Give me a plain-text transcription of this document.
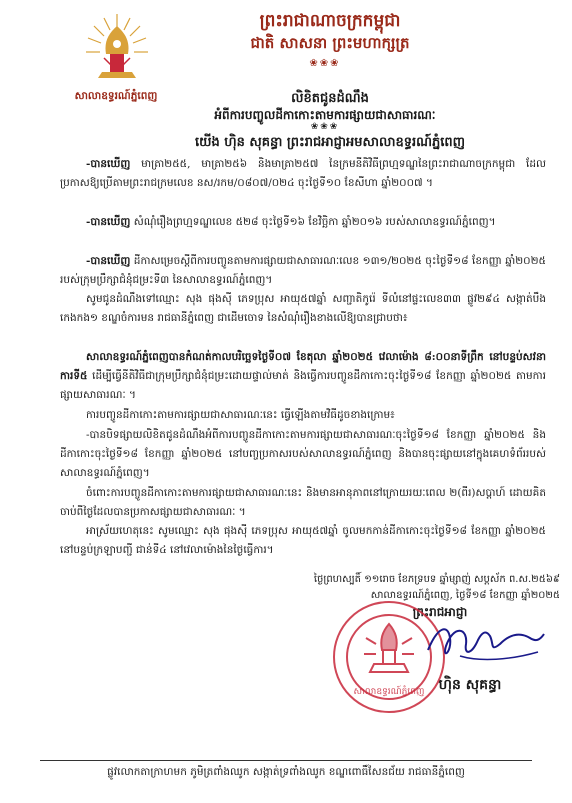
ព្រះរាជាណាចក្រកម្ពុជា
ជាតិ សាសនា ព្រះមហាក្សត្រ
❀❀❀
សាលាឧទ្ធរណ៍ភ្នំពេញ	លិខិតជូនដំណឹង
អំពីការបញ្ចូលដីកាកោះតាមការផ្សាយជាសាធារណៈ
❀❀❀
យើង ហ៊ិន សុគន្ធា ព្រះរាជអាជ្ញាអមសាលាឧទ្ធរណ៍ភ្នំពេញ
-បានឃើញ មាត្រា២៥៥, មាត្រា២៥៦ និងមាត្រា២៥៧ នៃក្រមនីតិវិធីព្រហ្មទណ្ឌនៃព្រះរាជាណាចក្រកម្ពុជា ដែលប្រកាសឱ្យប្រើតាមព្រះរាជក្រមលេខ នស/រកម/០៨០៧/០២៤ ចុះថ្ងៃទី១០ ខែសីហា ឆ្នាំ២០០៧ ។
-បានឃើញ សំណុំរឿងព្រហ្មទណ្ឌលេខ ៥២៨ ចុះថ្ងៃទី១៦ ខែវិច្ឆិកា ឆ្នាំ២០១៦ របស់សាលាឧទ្ធរណ៍ភ្នំពេញ។
-បានឃើញ ដីកាសម្រេចស្តីពីការបញ្ចូនតាមការផ្សាយជាសាធារណៈលេខ ១៣១/២០២៥ ចុះថ្ងៃទី១៨ ខែកញ្ញា ឆ្នាំ២០២៥ របស់ក្រុមប្រឹក្សាជំនុំជម្រះទី៣ នៃសាលាឧទ្ធរណ៍ភ្នំពេញ។
សូមជូនដំណឹងទៅឈ្មោះ សុង ផុងស៊ី ភេទប្រុស អាយុ៥៧ឆ្នាំ សញ្ជាតិកូរ៉េ ទីលំនៅផ្ទះលេខ៣៣ ផ្លូវ២៩៤ សង្កាត់បឹងកេងកង១ ខណ្ឌចំការមន រាជធានីភ្នំពេញ ជាដើមចោទ នៃសំណុំរឿងខាងលើឱ្យបានជ្រាបថា៖
សាលាឧទ្ធរណ៍ភ្នំពេញបានកំណត់កាលបរិច្ឆេទថ្ងៃទី០៧ ខែតុលា ឆ្នាំ២០២៥ វេលាម៉ោង ៨:០០នាទីព្រឹក នៅបន្ទប់សវនាការទី៥ ដើម្បីធ្វើនីតិវិធីជាក្រុមប្រឹក្សាជំនុំជម្រះដោយផ្ទាល់មាត់ និងធ្វើការបញ្ចូនដីកាកោះចុះថ្ងៃទី១៨ ខែកញ្ញា ឆ្នាំ២០២៥ តាមការផ្សាយសាធារណៈ ។
ការបញ្ចូនដីកាកោះតាមការផ្សាយជាសាធារណៈនេះ ធ្វើឡើងតាមវិធីដូចខាងក្រោម៖
-បានបិទផ្សាយលិខិតជូនដំណឹងអំពីការបញ្ចូនដីកាកោះតាមការផ្សាយជាសាធារណៈចុះថ្ងៃទី១៨ ខែកញ្ញា ឆ្នាំ២០២៥ និងដីកាកោះចុះថ្ងៃទី១៨ ខែកញ្ញា ឆ្នាំ២០២៥ នៅបញ្ចប្រកាសរបស់សាលាឧទ្ធរណ៍ភ្នំពេញ និងបានចុះផ្សាយនៅក្នុងគេហទំព័ររបស់សាលាឧទ្ធរណ៍ភ្នំពេញ។
ចំពោះការបញ្ចូនដីកាកោះតាមការផ្សាយជាសាធារណៈនេះ និងមានអានុភាពនៅក្រោយរយៈពេល ២(ពីរ)សប្តាហ៍ ដោយគិតចាប់ពីថ្ងៃដែលបានប្រកាសផ្សាយជាសាធារណៈ ។
អាស្រ័យហេតុនេះ សូមឈ្មោះ សុង ផុងស៊ី ភេទប្រុស អាយុ៥៧ឆ្នាំ ចូលមកកាន់ដីកាកោះចុះថ្ងៃទី១៨ ខែកញ្ញា ឆ្នាំ២០២៥ នៅបន្ទប់ក្រឡាបញ្ជី ជាន់ទី៤ នៅវេលាម៉ោងនៃថ្ងៃធ្វើការ។
ថ្ងៃព្រហស្បតិ៍ ១១រោច ខែភទ្របទ ឆ្នាំម្សាញ់ សប្តស័ក ព.ស.២៥៦៩
សាលាឧទ្ធរណ៍ភ្នំពេញ, ថ្ងៃទី១៨ ខែកញ្ញា ឆ្នាំ២០២៥
ព្រះរាជអាជ្ញា
សាលាឧទ្ធរណ៍ភ្នំពេញ	ហ៊ិន សុគន្ធា
ផ្លូវលោកតាក្រាហមក ភូមិត្រពាំងឈូក សង្កាត់ទ្រពាំងឈូក ខណ្ឌពោធិ៍សែនជ័យ រាជធានីភ្នំពេញ
